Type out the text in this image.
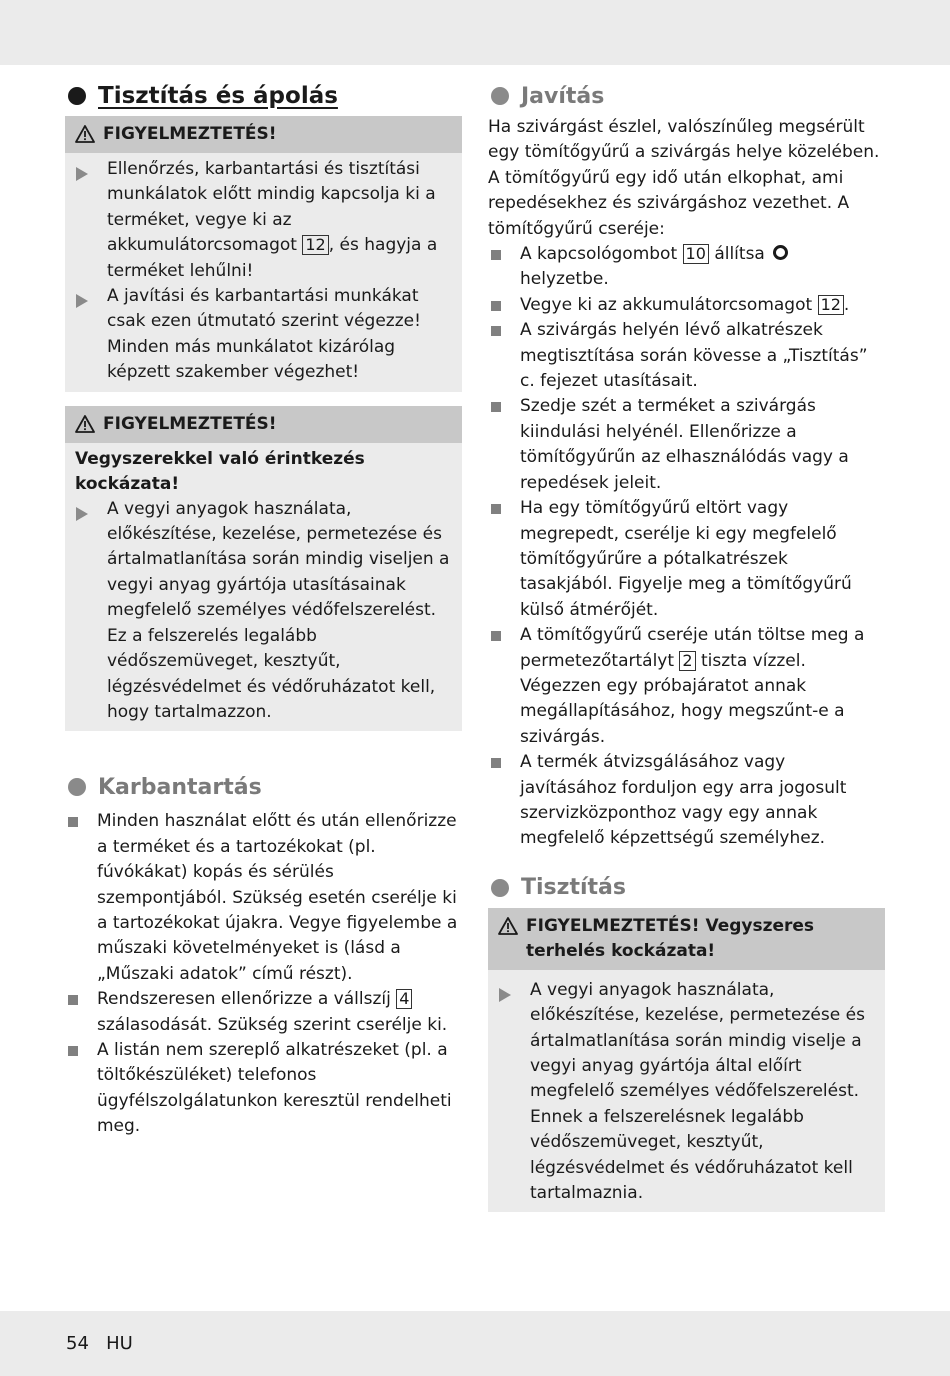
Tisztítás és ápolás
FIGYELMEZTETÉS!
Ellenőrzés, karbantartási és tisztítási munkálatok előtt mindig kapcsolja ki a terméket, vegye ki az akkumulátorcsomagot 12 , és hagyja a terméket lehűlni!
A javítási és karbantartási munkákat csak ezen útmutató szerint végezze! Minden más munkálatot kizárólag képzett szakember végezhet!
FIGYELMEZTETÉS!
Vegyszerekkel való érintkezés kockázata!
A vegyi anyagok használata, előkészítése, kezelése, permetezése és ártalmatlanítása során mindig viseljen a vegyi anyag gyártója utasításainak megfelelő személyes védőfelszerelést. Ez a felszerelés legalább védőszemüveget, kesztyűt, légzésvédelmet és védőruházatot kell, hogy tartalmazzon.
Karbantartás
Minden használat előtt és után ellenőrizze a terméket és a tartozékokat (pl. fúvókákat) kopás és sérülés szempontjából. Szükség esetén cserélje ki a tartozékokat újakra. Vegye figyelembe a műszaki követelményeket is (lásd a „Műszaki adatok” című részt).
Rendszeresen ellenőrizze a vállszíj 4 szálasodását. Szükség szerint cserélje ki.
A listán nem szereplő alkatrészeket (pl. a töltőkészüléket) telefonos ügyfélszolgálatunkon keresztül rendelheti meg.
Javítás
Ha szivárgást észlel, valószínűleg megsérült egy tömítőgyűrű a szivárgás helye közelében. A tömítőgyűrű egy idő után elkophat, ami repedésekhez és szivárgáshoz vezethet. A tömítőgyűrű cseréje:
A kapcsológombot 10 állítsa  helyzetbe.
Vegye ki az akkumulátorcsomagot 12 .
A szivárgás helyén lévő alkatrészek megtisztítása során kövesse a „Tisztítás” c. fejezet utasításait.
Szedje szét a terméket a szivárgás kiindulási helyénél. Ellenőrizze a tömítőgyűrűn az elhasználódás vagy a repedések jeleit.
Ha egy tömítőgyűrű eltört vagy megrepedt, cserélje ki egy megfelelő tömítőgyűrűre a pótalkatrészek tasakjából. Figyelje meg a tömítőgyűrű külső átmérőjét.
A tömítőgyűrű cseréje után töltse meg a permetezőtartályt 2 tiszta vízzel. Végezzen egy próbajáratot annak megállapításához, hogy megszűnt-e a szivárgás.
A termék átvizsgálásához vagy javításához forduljon egy arra jogosult szervizközponthoz vagy egy annak megfelelő képzettségű személyhez.
Tisztítás
FIGYELMEZTETÉS! Vegyszeres terhelés kockázata!
A vegyi anyagok használata, előkészítése, kezelése, permetezése és ártalmatlanítása során mindig viselje a vegyi anyag gyártója által előírt megfelelő személyes védőfelszerelést. Ennek a felszerelésnek legalább védőszemüveget, kesztyűt, légzésvédelmet és védőruházatot kell tartalmaznia.
54 HU
